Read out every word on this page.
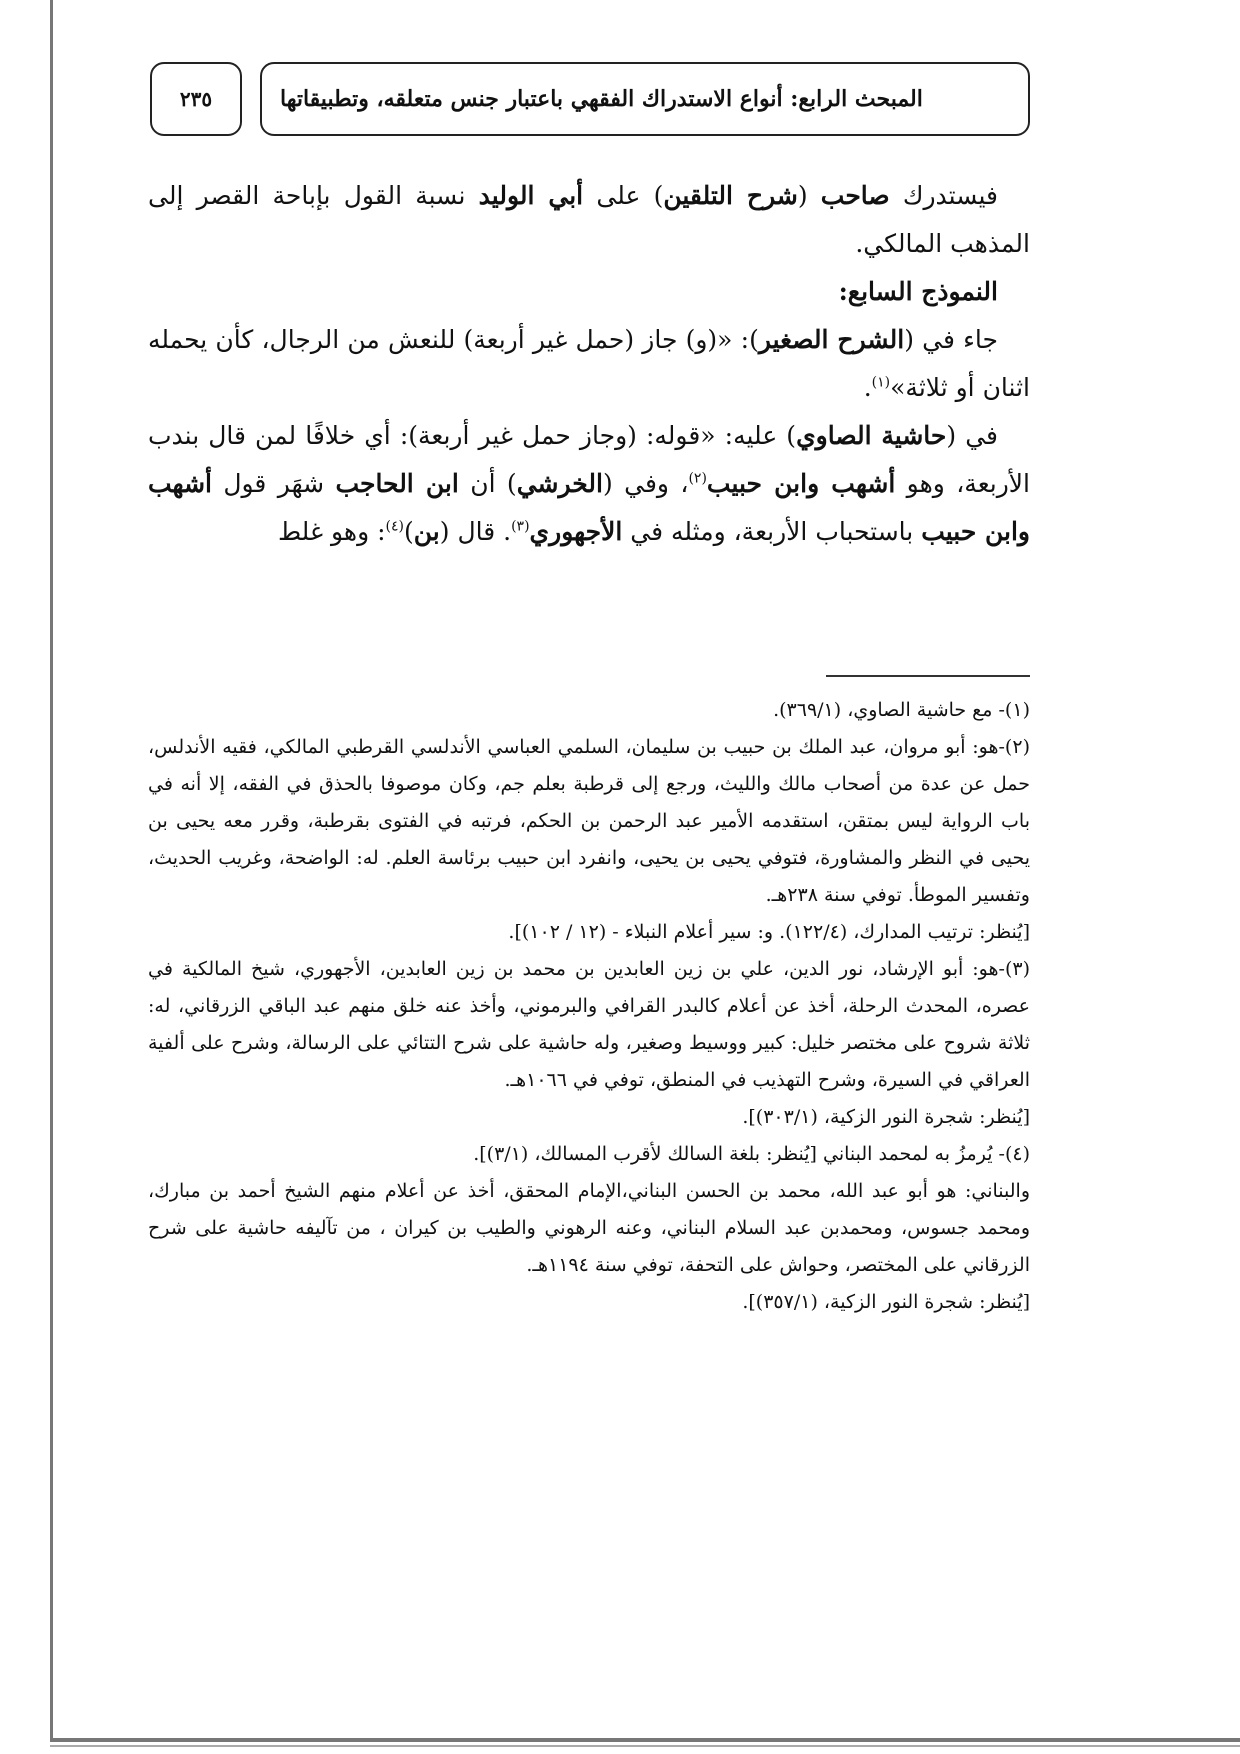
المبحث الرابع: أنواع الاستدراك الفقهي باعتبار جنس متعلقه، وتطبيقاتها
٢٣٥

فيستدرك صاحب (شرح التلقين) على أبي الوليد نسبة القول بإباحة القصر إلى المذهب المالكي.

النموذج السابع:

جاء في (الشرح الصغير): «(و) جاز (حمل غير أربعة) للنعش من الرجال، كأن يحمله اثنان أو ثلاثة»$^{(١)}$.

في (حاشية الصاوي) عليه: «قوله: (وجاز حمل غير أربعة): أي خلافًا لمن قال بندب الأربعة، وهو أشهب وابن حبيب$^{(٢)}$، وفي (الخرشي) أن ابن الحاجب شهَر قول أشهب وابن حبيب باستحباب الأربعة، ومثله في الأجهوري$^{(٣)}$. قال (بن)$^{(٤)}$: وهو غلط

(١)- مع حاشية الصاوي، (٣٦٩/١).

(٢)-هو: أبو مروان، عبد الملك بن حبيب بن سليمان، السلمي العباسي الأندلسي القرطبي المالكي، فقيه الأندلس، حمل عن عدة من أصحاب مالك والليث، ورجع إلى قرطبة بعلم جم، وكان موصوفا بالحذق في الفقه، إلا أنه في باب الرواية ليس بمتقن، استقدمه الأمير عبد الرحمن بن الحكم، فرتبه في الفتوى بقرطبة، وقرر معه يحيى بن يحيى في النظر والمشاورة، فتوفي يحيى بن يحيى، وانفرد ابن حبيب برئاسة العلم. له: الواضحة، وغريب الحديث، وتفسير الموطأ. توفي سنة ٢٣٨هـ.

[يُنظر: ترتيب المدارك، (١٢٢/٤). و: سير أعلام النبلاء - (١٢ / ١٠٢)].

(٣)-هو: أبو الإرشاد، نور الدين، علي بن زين العابدين بن محمد بن زين العابدين، الأجهوري، شيخ المالكية في عصره، المحدث الرحلة، أخذ عن أعلام كالبدر القرافي والبرموني، وأخذ عنه خلق منهم عبد الباقي الزرقاني، له: ثلاثة شروح على مختصر خليل: كبير ووسيط وصغير، وله حاشية على شرح التتائي على الرسالة، وشرح على ألفية العراقي في السيرة، وشرح التهذيب في المنطق، توفي في ١٠٦٦هـ.

[يُنظر: شجرة النور الزكية، (٣٠٣/١)].

(٤)- يُرمزُ به لمحمد البناني [يُنظر: بلغة السالك لأقرب المسالك، (٣/١)].

والبناني: هو أبو عبد الله، محمد بن الحسن البناني،الإمام المحقق، أخذ عن أعلام منهم الشيخ أحمد بن مبارك، ومحمد جسوس، ومحمدبن عبد السلام البناني، وعنه الرهوني والطيب بن كيران ، من تآليفه حاشية على شرح الزرقاني على المختصر، وحواش على التحفة، توفي سنة ١١٩٤هـ.

[يُنظر: شجرة النور الزكية، (٣٥٧/١)].
